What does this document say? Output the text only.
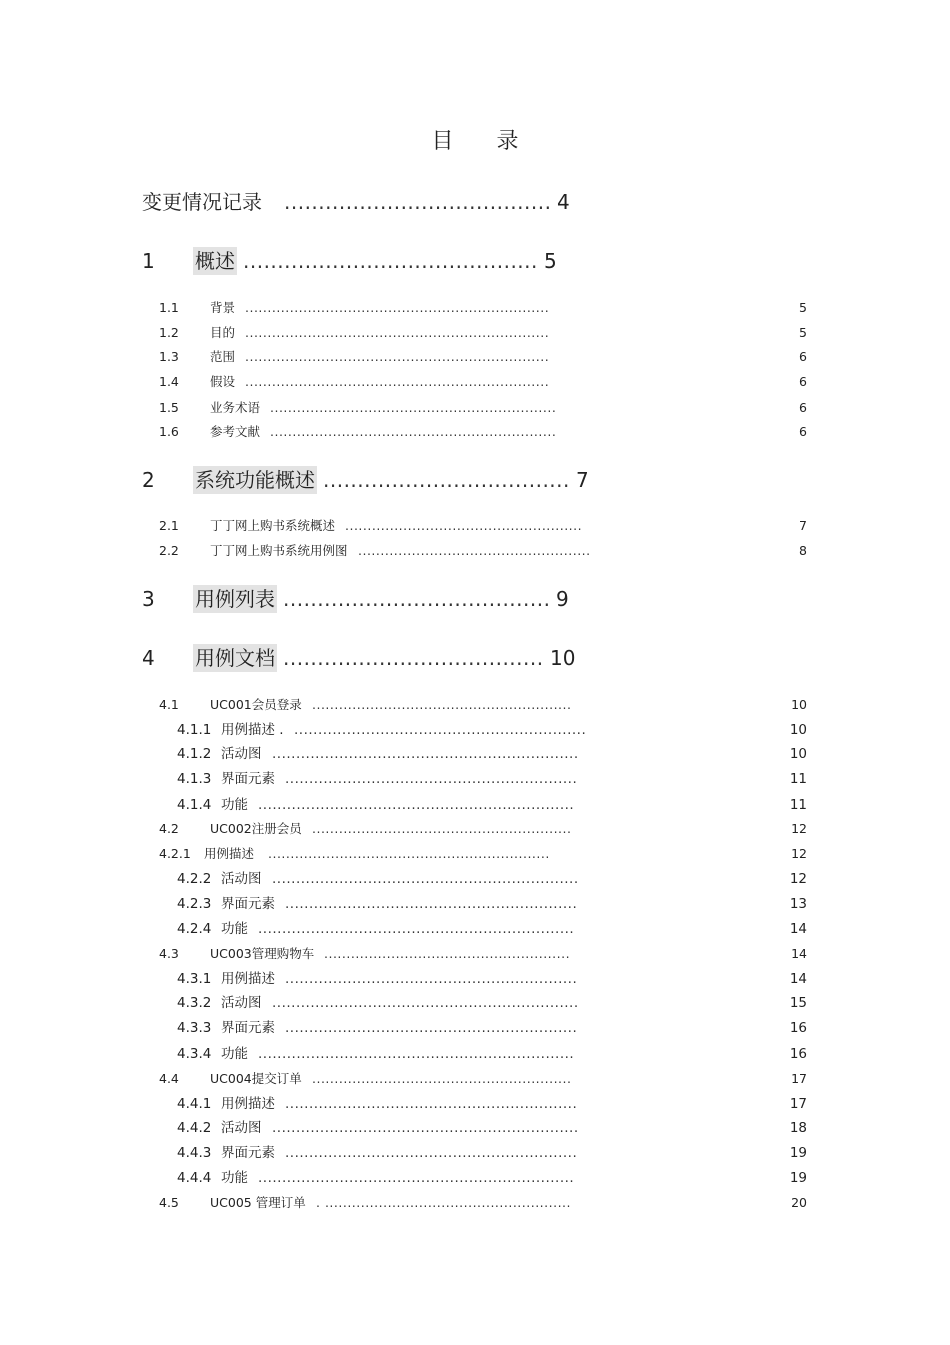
目 录
变更情况记录 ....................................... 4
1 概述 ........................................... 5
1.1 背景 ....................................................................	5
1.2 目的 ....................................................................	5
1.3 范围 ....................................................................	6
1.4 假设 ....................................................................	6
1.5 业务术语 ................................................................	6
1.6 参考文献 ................................................................	6
2 系统功能概述 .................................... 7
2.1 丁丁网上购书系统概述 .....................................................	7
2.2 丁丁网上购书系统用例图 ....................................................	8
3 用例列表 ....................................... 9
4 用例文档 ...................................... 10
4.1 UC001会员登录 ..........................................................	10
4.1.1 用例描述 . .............................................................	10
4.1.2 活动图 ................................................................	10
4.1.3 界面元素 .............................................................	11
4.1.4 功能 ..................................................................	11
4.2 UC002注册会员 ..........................................................	12
4.2.1 用例描述 ...............................................................	12
4.2.2 活动图 ................................................................	12
4.2.3 界面元素 .............................................................	13
4.2.4 功能 ..................................................................	14
4.3 UC003管理购物车 .......................................................	14
4.3.1 用例描述 .............................................................	14
4.3.2 活动图 ................................................................	15
4.3.3 界面元素 .............................................................	16
4.3.4 功能 ..................................................................	16
4.4 UC004提交订单 ..........................................................	17
4.4.1 用例描述 .............................................................	17
4.4.2 活动图 ................................................................	18
4.4.3 界面元素 .............................................................	19
4.4.4 功能 ..................................................................	19
4.5 UC005 管理订单 . .......................................................	20
